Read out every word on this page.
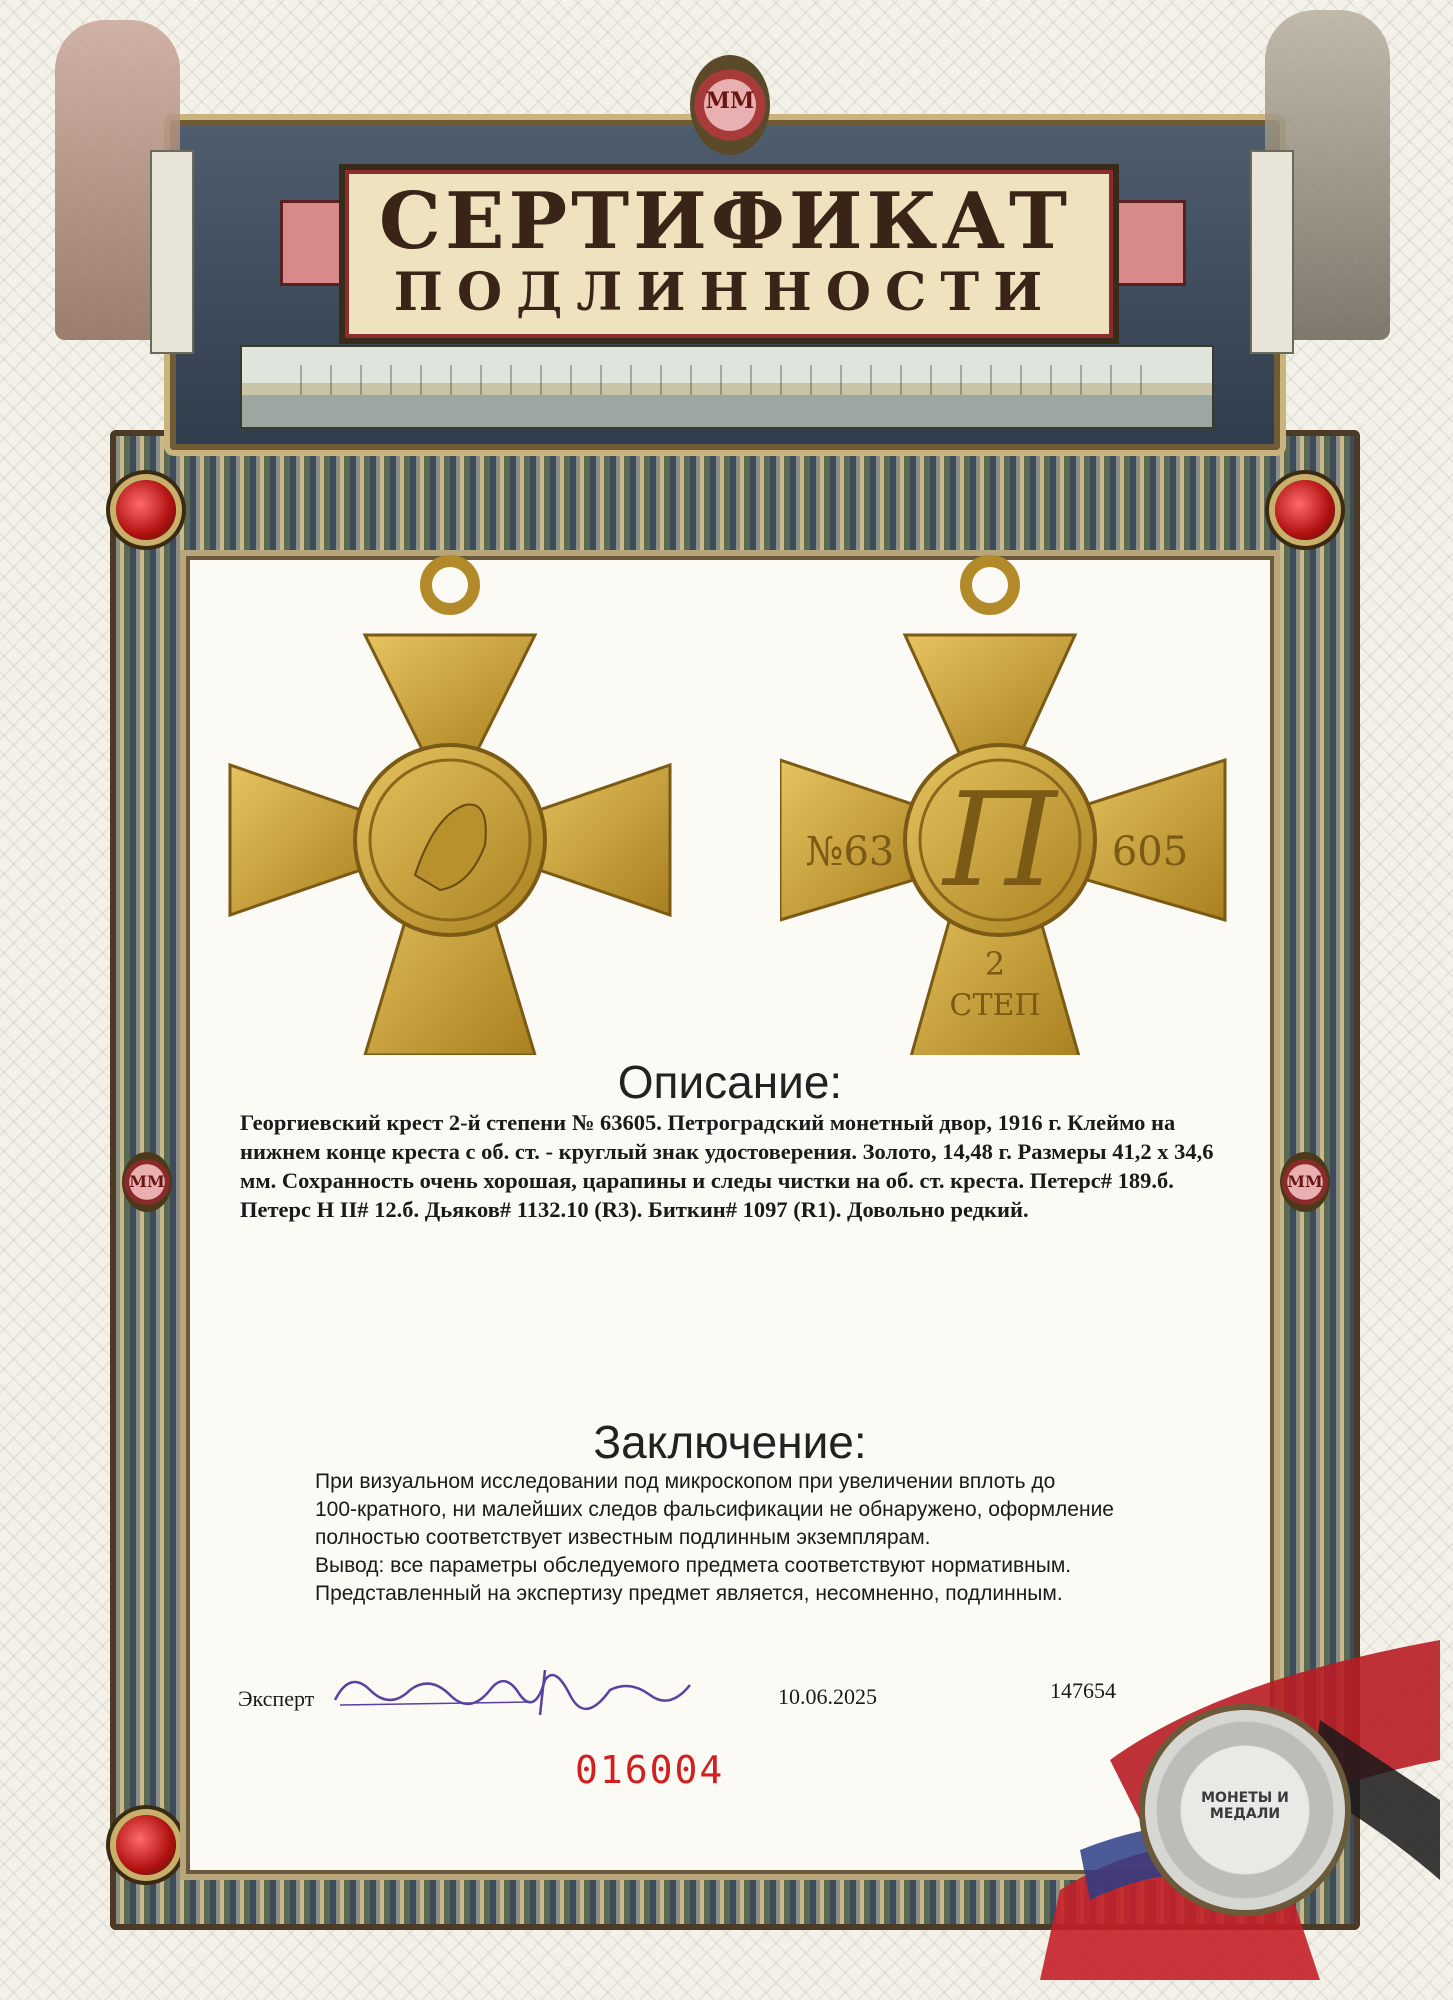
ММ
СЕРТИФИКАТ
ПОДЛИННОСТИ
ММ	ММ
П
№63	605
2
СТЕП
Описание:
Георгиевский крест 2-й степени № 63605. Петроградский монетный двор, 1916 г. Клеймо на нижнем конце креста с об. ст. - круглый знак удостоверения. Золото, 14,48 г. Размеры 41,2 х 34,6 мм. Сохранность очень хорошая, царапины и следы чистки на об. ст. креста. Петерс# 189.б. Петерс Н II# 12.б. Дьяков# 1132.10 (R3). Биткин# 1097 (R1). Довольно редкий.
Заключение:

При визуальном исследовании под микроскопом при увеличении вплоть до

100-кратного, ни малейших следов фальсификации не обнаружено, оформление

полностью соответствует известным подлинным экземплярам.

Вывод: все параметры обследуемого предмета соответствуют нормативным.

Представленный на экспертизу предмет является, несомненно, подлинным.

МОНЕТЫ И МЕДАЛИ
Эксперт	10.06.2025	147654
016004
